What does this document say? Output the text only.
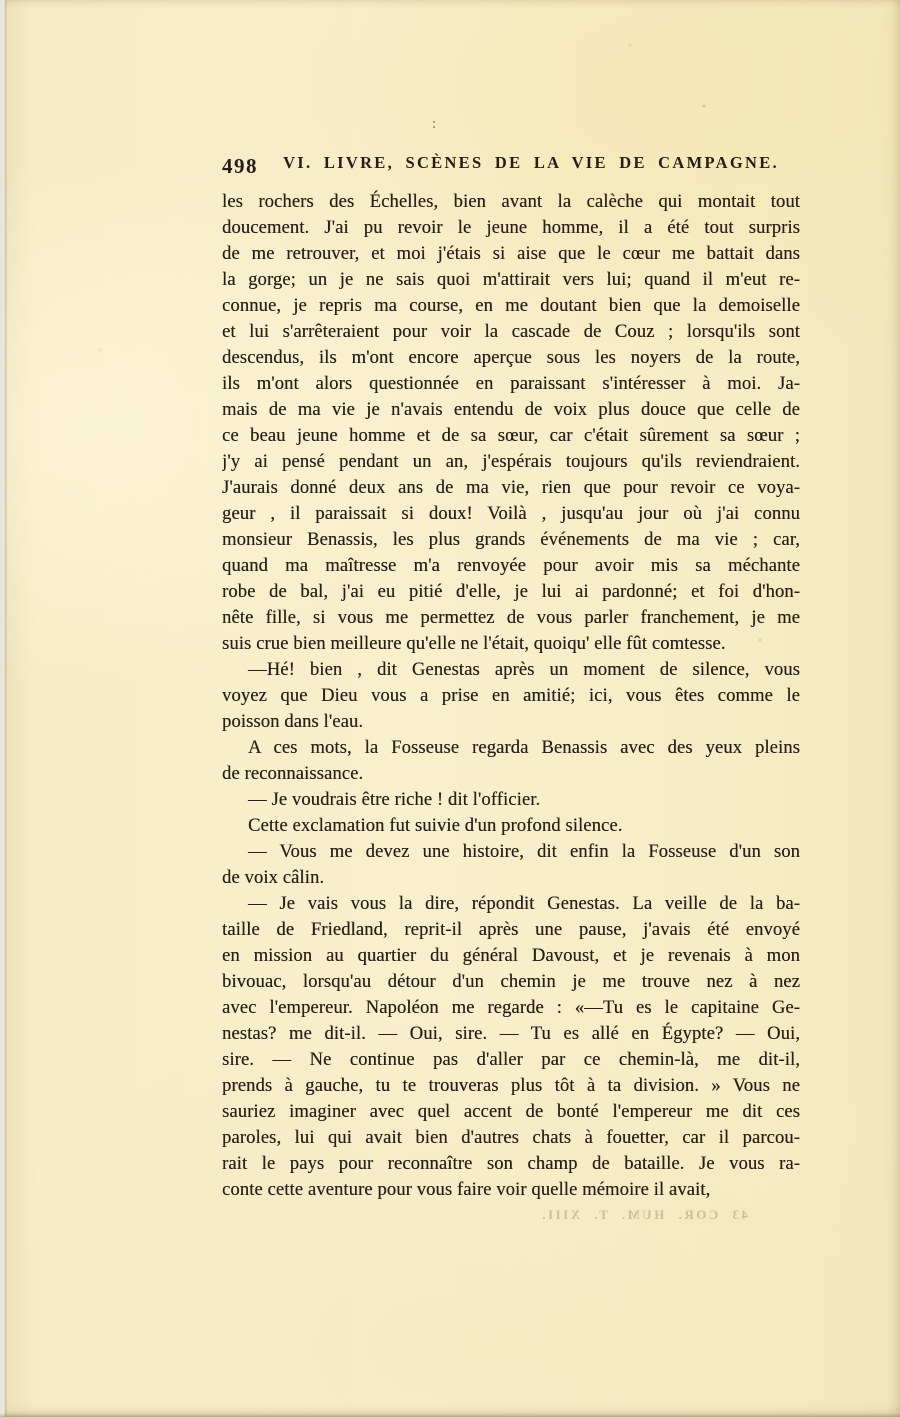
:
498	VI. LIVRE, SCÈNES DE LA VIE DE CAMPAGNE.
les rochers des Échelles, bien avant la calèche qui montait tout
doucement. J'ai pu revoir le jeune homme, il a été tout surpris
de me retrouver, et moi j'étais si aise que le cœur me battait dans
la gorge; un je ne sais quoi m'attirait vers lui; quand il m'eut re-
connue, je repris ma course, en me doutant bien que la demoiselle
et lui s'arrêteraient pour voir la cascade de Couz ; lorsqu'ils sont
descendus, ils m'ont encore aperçue sous les noyers de la route,
ils m'ont alors questionnée en paraissant s'intéresser à moi. Ja-
mais de ma vie je n'avais entendu de voix plus douce que celle de
ce beau jeune homme et de sa sœur, car c'était sûrement sa sœur ;
j'y ai pensé pendant un an, j'espérais toujours qu'ils reviendraient.
J'aurais donné deux ans de ma vie, rien que pour revoir ce voya-
geur , il paraissait si doux! Voilà , jusqu'au jour où j'ai connu
monsieur Benassis, les plus grands événements de ma vie ; car,
quand ma maîtresse m'a renvoyée pour avoir mis sa méchante
robe de bal, j'ai eu pitié d'elle, je lui ai pardonné; et foi d'hon-
nête fille, si vous me permettez de vous parler franchement, je me
suis crue bien meilleure qu'elle ne l'était, quoiqu' elle fût comtesse.
—Hé! bien , dit Genestas après un moment de silence, vous
voyez que Dieu vous a prise en amitié; ici, vous êtes comme le
poisson dans l'eau.
A ces mots, la Fosseuse regarda Benassis avec des yeux pleins
de reconnaissance.
— Je voudrais être riche ! dit l'officier.
Cette exclamation fut suivie d'un profond silence.
— Vous me devez une histoire, dit enfin la Fosseuse d'un son
de voix câlin.
— Je vais vous la dire, répondit Genestas. La veille de la ba-
taille de Friedland, reprit-il après une pause, j'avais été envoyé
en mission au quartier du général Davoust, et je revenais à mon
bivouac, lorsqu'au détour d'un chemin je me trouve nez à nez
avec l'empereur. Napoléon me regarde : «—Tu es le capitaine Ge-
nestas? me dit-il. — Oui, sire. — Tu es allé en Égypte? — Oui,
sire. — Ne continue pas d'aller par ce chemin-là, me dit-il,
prends à gauche, tu te trouveras plus tôt à ta division. » Vous ne
sauriez imaginer avec quel accent de bonté l'empereur me dit ces
paroles, lui qui avait bien d'autres chats à fouetter, car il parcou-
rait le pays pour reconnaître son champ de bataille. Je vous ra-
conte cette aventure pour vous faire voir quelle mémoire il avait,
43 COR. HUM. T. XIII.
